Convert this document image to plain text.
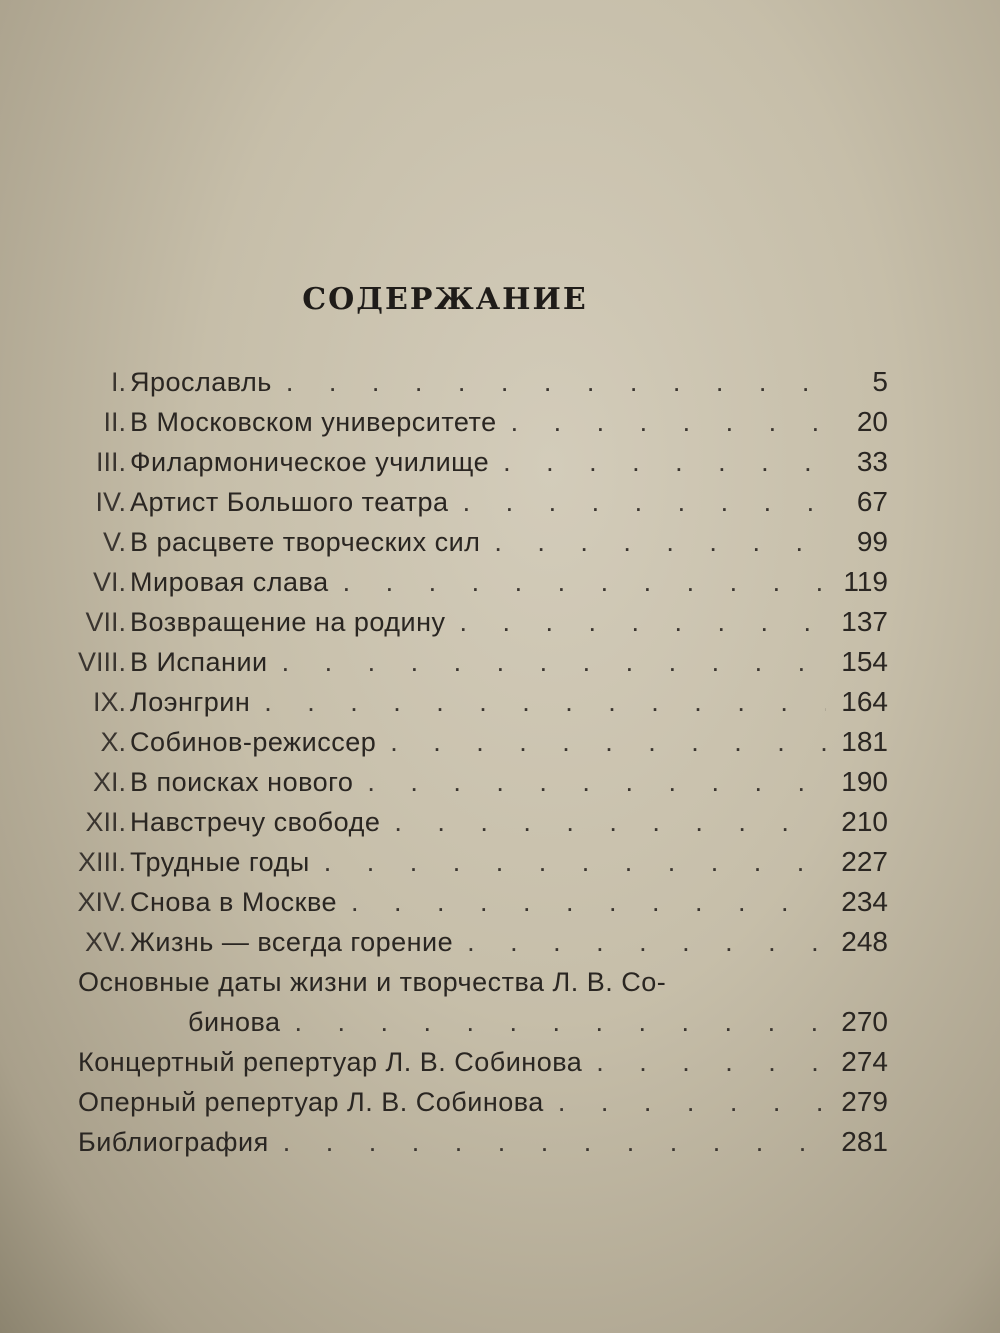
СОДЕРЖАНИЕ
I. Ярославль . . .	5
II. В Московском университете . . .	20
III. Филармоническое училище . . .	33
IV. Артист Большого театра . . .	67
V. В расцвете творческих сил . . .	99
VI. Мировая слава . . .	119
VII. Возвращение на родину . . .	137
VIII. В Испании . . .	154
IX. Лоэнгрин . . .	164
X. Собинов-режиссер . . .	181
XI. В поисках нового . . .	190
XII. Навстречу свободе . . .	210
XIII. Трудные годы . . .	227
XIV. Снова в Москве . . .	234
XV. Жизнь — всегда горение . . .	248
Основные даты жизни и творчества Л. В. Со-
бинова . . .	270
Концертный репертуар Л. В. Собинова . . .	274
Оперный репертуар Л. В. Собинова . . .	279
Библиография . . .	281
